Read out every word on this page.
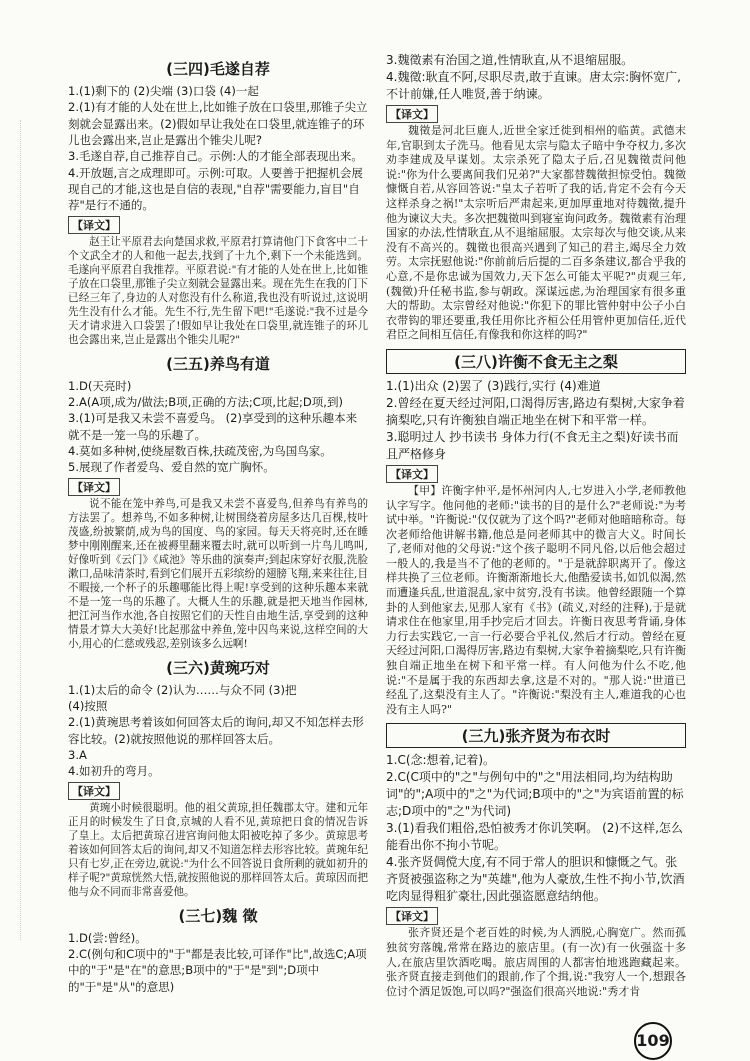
(三四)毛遂自荐

1.(1)剩下的 (2)尖端 (3)口袋 (4)一起

2.(1)有才能的人处在世上,比如锥子放在口袋里,那锥子尖立刻就会显露出来。(2)假如早让我处在口袋里,就连锥子的环儿也会露出来,岂止是露出个锥尖儿呢?

3.毛遂自荐,自己推荐自己。示例:人的才能全部表现出来。

4.开放题,言之成理即可。示例:可取。人要善于把握机会展现自己的才能,这也是自信的表现,"自荐"需要能力,盲目"自荐"是行不通的。

【译文】

赵王让平原君去向楚国求救,平原君打算请他门下食客中二十个文武全才的人和他一起去,找到了十九个,剩下一个未能选到。毛遂向平原君自我推荐。平原君说:"有才能的人处在世上,比如锥子放在口袋里,那锥子尖立刻就会显露出来。现在先生在我的门下已经三年了,身边的人对您没有什么称道,我也没有听说过,这说明先生没有什么才能。先生不行,先生留下吧!"毛遂说:"我不过是今天才请求进入口袋罢了!假如早让我处在口袋里,就连锥子的环儿也会露出来,岂止是露出个锥尖儿呢?"

(三五)养鸟有道

1.D(天亮时)

2.A(A项,成为/做法;B项,正确的方法;C项,比起;D项,到)

3.(1)可是我又未尝不喜爱鸟。 (2)享受到的这种乐趣本来就不是一笼一鸟的乐趣了。

4.莫如多种树,使绕屋数百株,扶疏茂密,为鸟国鸟家。

5.展现了作者爱鸟、爱自然的宽广胸怀。

【译文】

说不能在笼中养鸟,可是我又未尝不喜爱鸟,但养鸟有养鸟的方法罢了。想养鸟,不如多种树,让树围绕着房屋多达几百棵,枝叶茂盛,纷披繁荫,成为鸟的国度、鸟的家园。每天天将亮时,还在睡梦中刚刚醒来,还在被褥里翻来覆去时,就可以听到一片鸟儿鸣叫,好像听到《云门》《咸池》等乐曲的演奏声;到起床穿好衣服,洗脸漱口,品味清茶时,看到它们展开五彩缤纷的翅膀飞翔,来来往往,目不暇接,一个杯子的乐趣哪能比得上呢!享受到的这种乐趣本来就不是一笼一鸟的乐趣了。大概人生的乐趣,就是把天地当作园林,把江河当作水池,各自按照它们的天性自由地生活,享受到的这种情景才算大大美好!比起那盆中养鱼,笼中囚鸟来说,这样空间的大小,用心的仁慈或残忍,差别该多么远啊!

(三六)黄琬巧对

1.(1)太后的命令 (2)认为……与众不同 (3)把

(4)按照

2.(1)黄琬思考着该如何回答太后的询问,却又不知怎样去形容比较。(2)就按照他说的那样回答太后。

3.A

4.如初升的弯月。

【译文】

黄琬小时候很聪明。他的祖父黄琼,担任魏郡太守。建和元年正月的时候发生了日食,京城的人看不见,黄琼把日食的情况告诉了皇上。太后把黄琼召进宫询问他太阳被吃掉了多少。黄琼思考着该如何回答太后的询问,却又不知道怎样去形容比较。黄琬年纪只有七岁,正在旁边,就说:"为什么不回答说日食所剩的就如初升的样子呢?"黄琼恍然大悟,就按照他说的那样回答太后。黄琼因而把他与众不同而非常喜爱他。

(三七)魏 徵

1.D(尝:曾经)。

2.C(例句和C项中的"于"都是表比较,可译作"比",故选C;A项中的"于"是"在"的意思;B项中的"于"是"到";D项中的"于"是"从"的意思)

3.魏徵素有治国之道,性情耿直,从不退缩屈服。

4.魏徵:耿直不阿,尽职尽责,敢于直谏。唐太宗:胸怀宽广,不计前嫌,任人唯贤,善于纳谏。

【译文】

魏徵是河北巨鹿人,近世全家迁徙到相州的临黄。武德末年,官职到太子洗马。他看见太宗与隐太子暗中争夺权力,多次劝李建成及早谋划。太宗杀死了隐太子后,召见魏徵责问他说:"你为什么要离间我们兄弟?"大家都替魏徵担惊受怕。魏徵慷慨自若,从容回答说:"皇太子若听了我的话,肯定不会有今天这样杀身之祸!"太宗听后严肃起来,更加厚重地对待魏徵,提升他为谏议大夫。多次把魏徵叫到寝室询问政务。魏徵素有治理国家的办法,性情耿直,从不退缩屈服。太宗每次与他交谈,从来没有不高兴的。魏徵也很高兴遇到了知己的君主,竭尽全力效劳。太宗抚慰他说:"你前前后后提的二百多条建议,都合乎我的心意,不是你忠诚为国效力,天下怎么可能太平呢?"贞观三年,(魏徵)升任秘书监,参与朝政。深谋远虑,为治理国家有很多重大的帮助。太宗曾经对他说:"你犯下的罪比管仲射中公子小白衣带钩的罪还要重,我任用你比齐桓公任用管仲更加信任,近代君臣之间相互信任,有像我和你这样的吗?"

(三八)许衡不食无主之梨

1.(1)出众 (2)罢了 (3)践行,实行 (4)难道

2.曾经在夏天经过河阳,口渴得厉害,路边有梨树,大家争着摘梨吃,只有许衡独自端正地坐在树下和平常一样。

3.聪明过人 抄书读书 身体力行(不食无主之梨)好读书而且严格修身

【译文】

【甲】许衡字仲平,是怀州河内人,七岁进入小学,老师教他认字写字。他问他的老师:"读书的目的是什么?"老师说:"为考试中举。"许衡说:"仅仅就为了这个吗?"老师对他暗暗称奇。每次老师给他讲解书籍,他总是问老师其中的微言大义。时间长了,老师对他的父母说:"这个孩子聪明不同凡俗,以后他会超过一般人的,我是当不了他的老师的。"于是就辞职离开了。像这样共换了三位老师。许衡渐渐地长大,他酷爱读书,如饥似渴,然而遭逢兵乱,世道混乱,家中贫穷,没有书读。他曾经跟随一个算卦的人到他家去,见那人家有《书》(疏义,对经的注释),于是就请求住在他家里,用手抄完后才回去。许衡日夜思考背诵,身体力行去实践它,一言一行必要合乎礼仪,然后才行动。曾经在夏天经过河阳,口渴得厉害,路边有梨树,大家争着摘梨吃,只有许衡独自端正地坐在树下和平常一样。有人问他为什么不吃,他说:"不是属于我的东西却去拿,这是不对的。"那人说:"世道已经乱了,这梨没有主人了。"许衡说:"梨没有主人,难道我的心也没有主人吗?"

(三九)张齐贤为布衣时

1.C(念:想着,记着)。

2.C(C项中的"之"与例句中的"之"用法相同,均为结构助词"的";A项中的"之"为代词;B项中的"之"为宾语前置的标志;D项中的"之"为代词)

3.(1)看我们粗俗,恐怕被秀才你讥笑啊。 (2)不这样,怎么能看出你不拘小节呢。

4.张齐贤倜傥大度,有不同于常人的胆识和慷慨之气。张齐贤被强盗称之为"英雄",他为人豪放,生性不拘小节,饮酒吃肉显得粗犷豪壮,因此强盗愿意结纳他。

【译文】

张齐贤还是个老百姓的时候,为人洒脱,心胸宽广。然而孤独贫穷落魄,常常在路边的旅店里。(有一次)有一伙强盗十多人,在旅店里饮酒吃喝。旅店周围的人都害怕地逃跑藏起来。张齐贤直接走到他们的跟前,作了个揖,说:"我穷人一个,想跟各位讨个酒足饭饱,可以吗?"强盗们很高兴地说:"秀才肯

109
